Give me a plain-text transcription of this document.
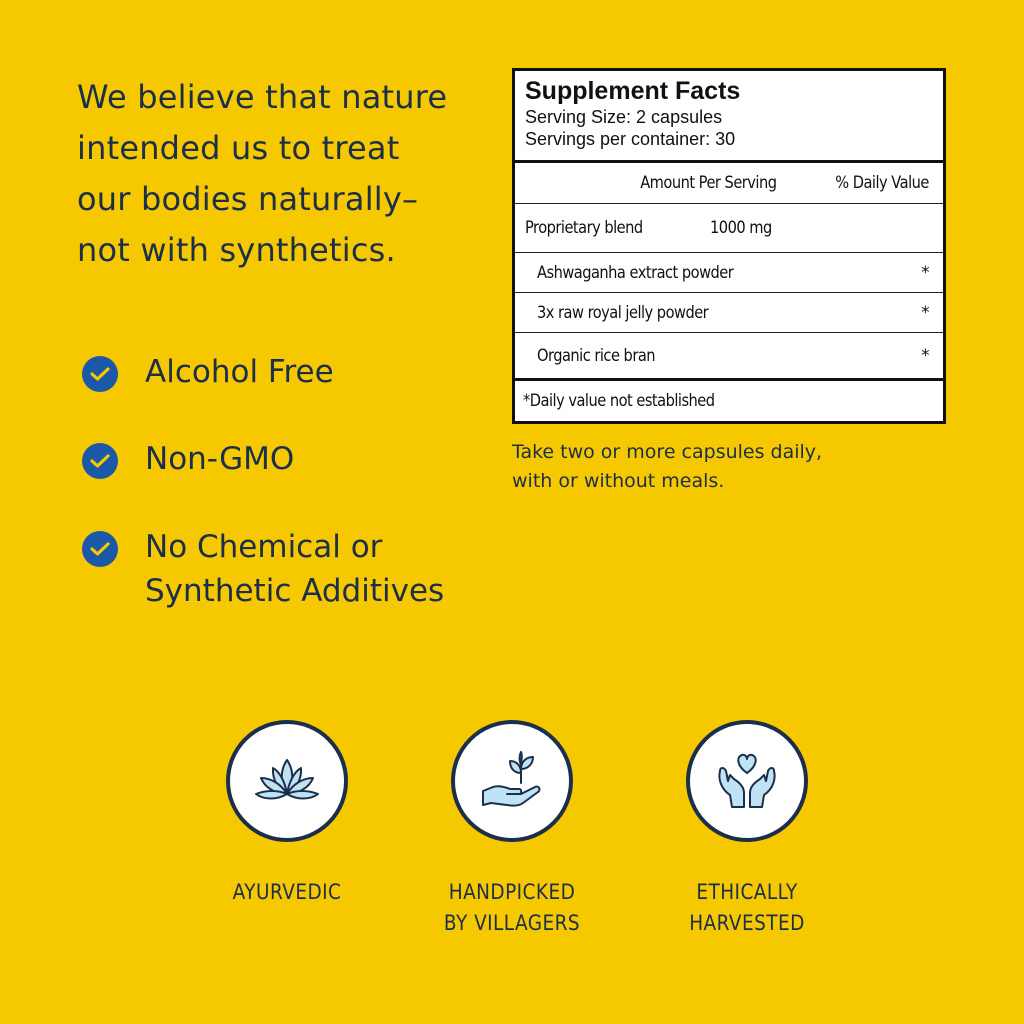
We believe that nature
intended us to treat
our bodies naturally–
not with synthetics.
Alcohol Free
Non-GMO
No Chemical or
Synthetic Additives
Supplement Facts
Serving Size: 2 capsules
Servings per container: 30
Amount Per Serving	% Daily Value
Proprietary blend	1000 mg
Ashwaganha extract powder	*
3x raw royal jelly powder	*
Organic rice bran	*
*Daily value not established
Take two or more capsules daily,
with or without meals.
AYURVEDIC	HANDPICKED
BY VILLAGERS
ETHICALLY
HARVESTED
